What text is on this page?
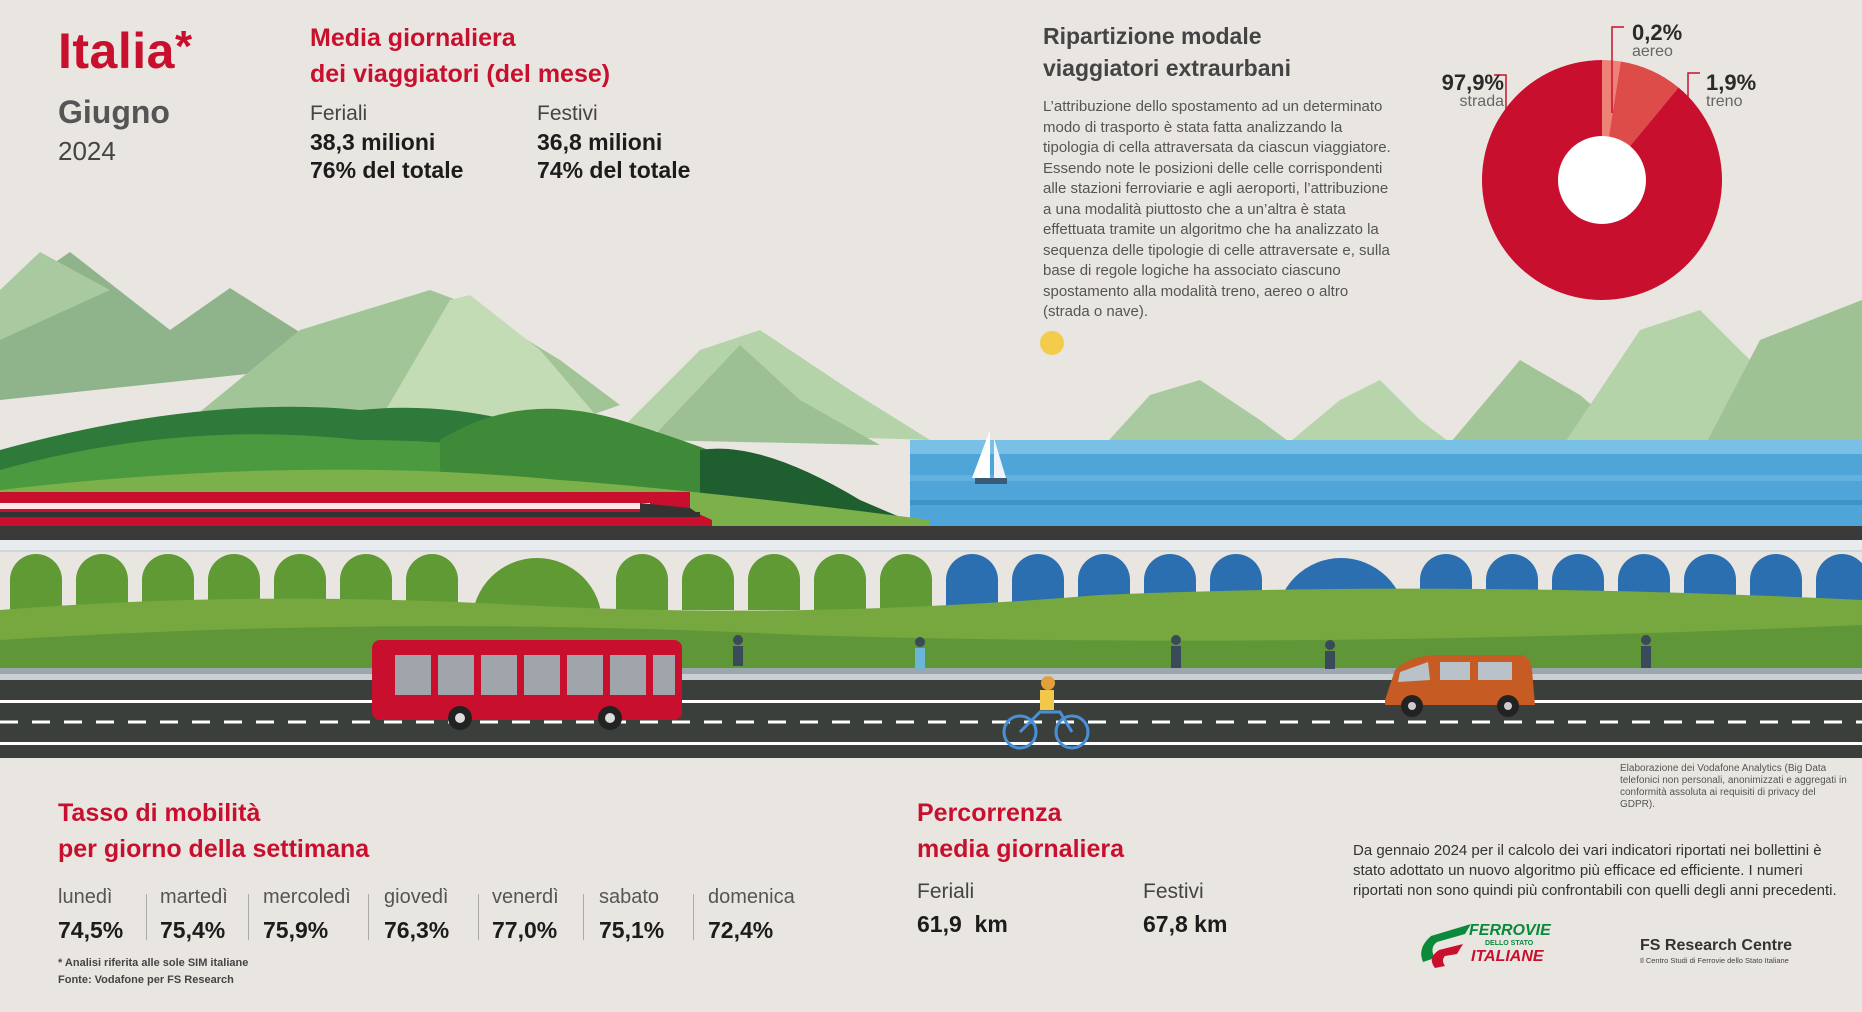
Italia*
Giugno
2024
Media giornaliera
dei viaggiatori (del mese)
Feriali
38,3 milioni
76% del totale
Festivi
36,8 milioni
74% del totale
Ripartizione modale
viaggiatori extraurbani
L’attribuzione dello spostamento ad un determinato modo di trasporto è stata fatta analizzando la tipologia di cella attraversata da ciascun viaggiatore. Essendo note le posizioni delle celle corrispondenti alle stazioni ferroviarie e agli aeroporti, l’attribuzione a una modalità piuttosto che a un’altra è stata effettuata tramite un algoritmo che ha analizzato la sequenza delle tipologie di celle attraversate e, sulla base di regole logiche ha associato ciascuno spostamento alla modalità treno, aereo o altro (strada o nave).
0,2%
aereo
1,9%
treno
97,9%
strada
Tasso di mobilità
per giorno della settimana
lunedì
74,5%
martedì
75,4%
mercoledì
75,9%
giovedì
76,3%
venerdì
77,0%
sabato
75,1%
domenica
72,4%
* Analisi riferita alle sole SIM italiane
Fonte: Vodafone per FS Research
Percorrenza
media giornaliera
Feriali
61,9  km
Festivi
67,8 km
Elaborazione dei Vodafone Analytics (Big Data telefonici non personali, anonimizzati e aggregati in conformità assoluta ai requisiti di privacy del GDPR).
Da gennaio 2024 per il calcolo dei vari indicatori riportati nei bollettini è stato adottato un nuovo algoritmo più efficace ed efficiente. I numeri riportati non sono quindi più confrontabili con quelli degli anni precedenti.
FERROVIE
DELLO STATO
ITALIANE
FS Research Centre
Il Centro Studi di Ferrovie dello Stato Italiane
